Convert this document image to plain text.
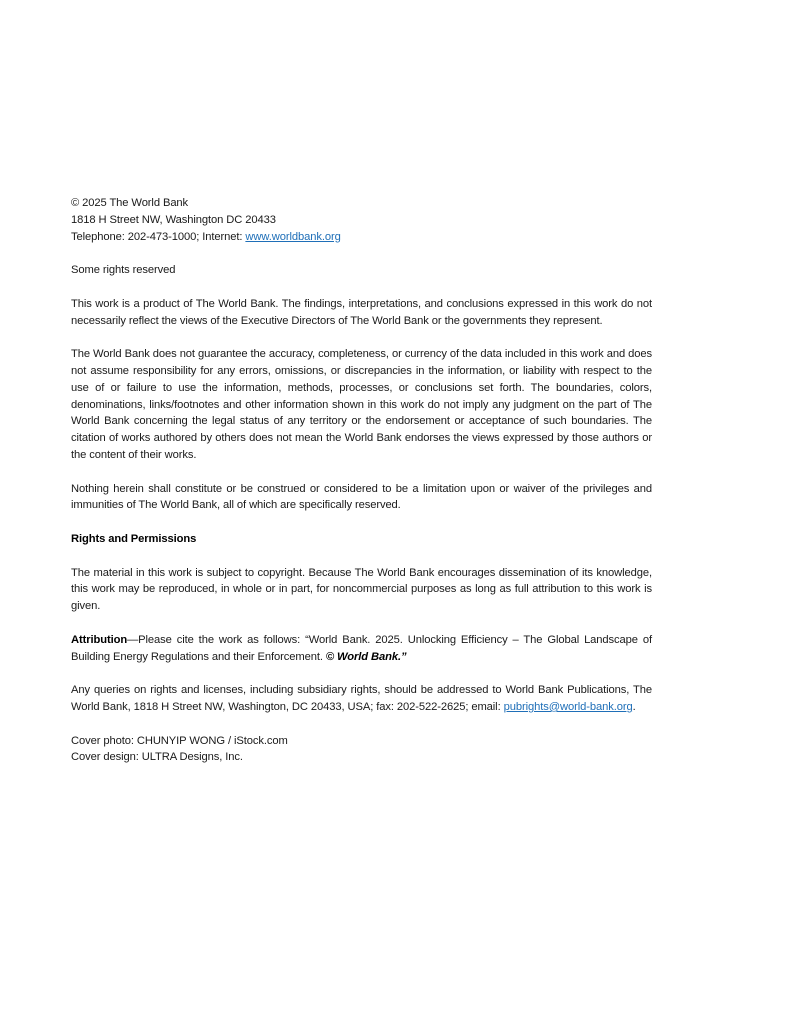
© 2025 The World Bank

1818 H Street NW, Washington DC 20433

Telephone: 202-473-1000; Internet: www.worldbank.org

Some rights reserved

This work is a product of The World Bank. The findings, interpretations, and conclusions expressed in this work do not necessarily reflect the views of the Executive Directors of The World Bank or the governments they represent.

The World Bank does not guarantee the accuracy, completeness, or currency of the data included in this work and does not assume responsibility for any errors, omissions, or discrepancies in the information, or liability with respect to the use of or failure to use the information, methods, processes, or conclusions set forth. The boundaries, colors, denominations, links/footnotes and other information shown in this work do not imply any judgment on the part of The World Bank concerning the legal status of any territory or the endorsement or acceptance of such boundaries. The citation of works authored by others does not mean the World Bank endorses the views expressed by those authors or the content of their works.

Nothing herein shall constitute or be construed or considered to be a limitation upon or waiver of the privileges and immunities of The World Bank, all of which are specifically reserved.

Rights and Permissions

The material in this work is subject to copyright. Because The World Bank encourages dissemination of its knowledge, this work may be reproduced, in whole or in part, for noncommercial purposes as long as full attribution to this work is given.

Attribution—Please cite the work as follows: “World Bank. 2025. Unlocking Efficiency – The Global Landscape of Building Energy Regulations and their Enforcement. © World Bank.”

Any queries on rights and licenses, including subsidiary rights, should be addressed to World Bank Publications, The World Bank, 1818 H Street NW, Washington, DC 20433, USA; fax: 202-522-2625; email: pubrights@world-bank.org.

Cover photo: CHUNYIP WONG / iStock.com

Cover design: ULTRA Designs, Inc.
